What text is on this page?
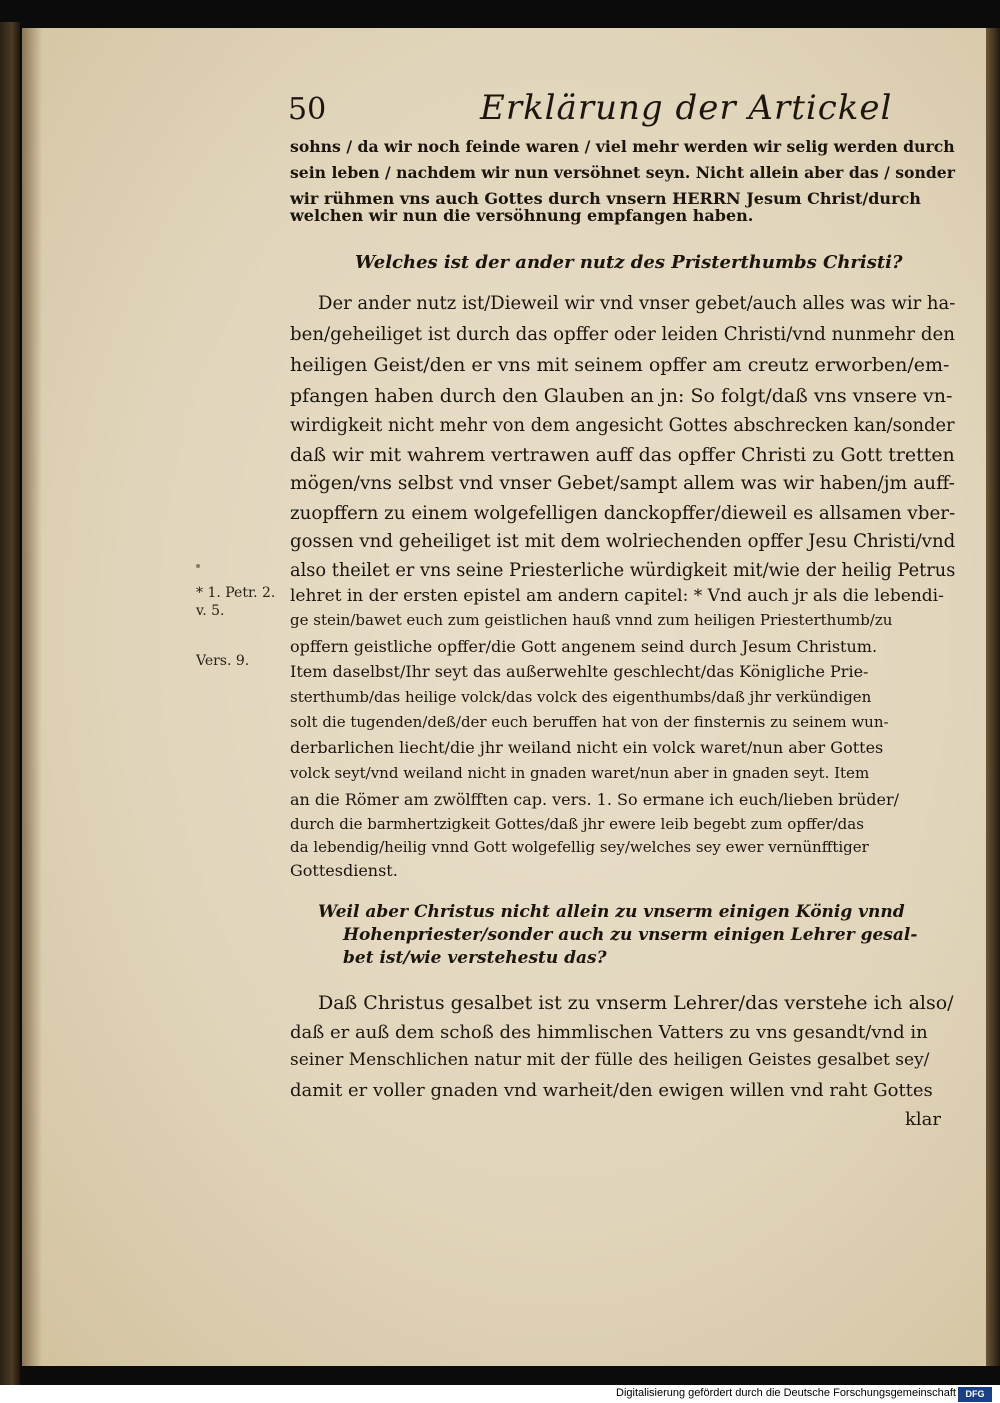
50	Erklärung der Artickel
sohns / da wir noch feinde waren / viel mehr werden wir selig werden durch
sein leben / nachdem wir nun versöhnet seyn. Nicht allein aber das / sonder
wir rühmen vns auch Gottes durch vnsern HERRN Jesum Christ/durch
welchen wir nun die versöhnung empfangen haben.
Welches ist der ander nutz des Pristerthumbs Christi?
Der ander nutz ist/Dieweil wir vnd vnser gebet/auch alles was wir ha-
ben/geheiliget ist durch das opffer oder leiden Christi/vnd nunmehr den
heiligen Geist/den er vns mit seinem opffer am creutz erworben/em-
pfangen haben durch den Glauben an jn: So folgt/daß vns vnsere vn-
wirdigkeit nicht mehr von dem angesicht Gottes abschrecken kan/sonder
daß wir mit wahrem vertrawen auff das opffer Christi zu Gott tretten
mögen/vns selbst vnd vnser Gebet/sampt allem was wir haben/jm auff-
zuopffern zu einem wolgefelligen danckopffer/dieweil es allsamen vber-
gossen vnd geheiliget ist mit dem wolriechenden opffer Jesu Christi/vnd
also theilet er vns seine Priesterliche würdigkeit mit/wie der heilig Petrus
lehret in der ersten epistel am andern capitel: * Vnd auch jr als die lebendi-
ge stein/bawet euch zum geistlichen hauß vnnd zum heiligen Priesterthumb/zu
opffern geistliche opffer/die Gott angenem seind durch Jesum Christum.
Item daselbst/Ihr seyt das außerwehlte geschlecht/das Königliche Prie-
sterthumb/das heilige volck/das volck des eigenthumbs/daß jhr verkündigen
solt die tugenden/deß/der euch beruffen hat von der finsternis zu seinem wun-
derbarlichen liecht/die jhr weiland nicht ein volck waret/nun aber Gottes
volck seyt/vnd weiland nicht in gnaden waret/nun aber in gnaden seyt. Item
an die Römer am zwölfften cap. vers. 1. So ermane ich euch/lieben brüder/
durch die barmhertzigkeit Gottes/daß jhr ewere leib begebt zum opffer/das
da lebendig/heilig vnnd Gott wolgefellig sey/welches sey ewer vernünfftiger
Gottesdienst.
* 1. Petr. 2.
v. 5.
Vers. 9.
Weil aber Christus nicht allein zu vnserm einigen König vnnd
Hohenpriester/sonder auch zu vnserm einigen Lehrer gesal-
bet ist/wie verstehestu das?
Daß Christus gesalbet ist zu vnserm Lehrer/das verstehe ich also/
daß er auß dem schoß des himmlischen Vatters zu vns gesandt/vnd in
seiner Menschlichen natur mit der fülle des heiligen Geistes gesalbet sey/
damit er voller gnaden vnd warheit/den ewigen willen vnd raht Gottes
klar
Digitalisierung gefördert durch die Deutsche Forschungsgemeinschaft	DFG
